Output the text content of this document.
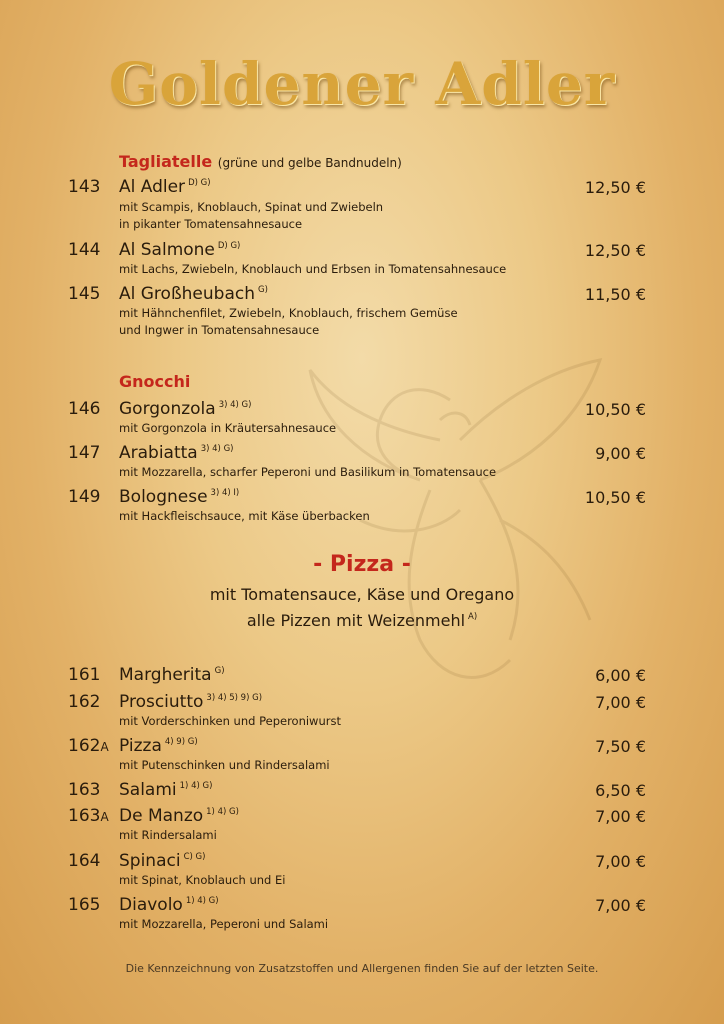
Goldener Adler
Tagliatelle (grüne und gelbe Bandnudeln)
143 Al Adler $^{D) G)}$	12,50 €
mit Scampis, Knoblauch, Spinat und Zwiebeln
in pikanter Tomatensahnesauce
144 Al Salmone $^{D) G)}$	12,50 €
mit Lachs, Zwiebeln, Knoblauch und Erbsen in Tomatensahnesauce
145 Al Großheubach $^{G)}$	11,50 €
mit Hähnchenfilet, Zwiebeln, Knoblauch, frischem Gemüse
und Ingwer in Tomatensahnesauce
Gnocchi
146 Gorgonzola $^{3) 4) G)}$	10,50 €
mit Gorgonzola in Kräutersahnesauce
147 Arabiatta $^{3) 4) G)}$	9,00 €
mit Mozzarella, scharfer Peperoni und Basilikum in Tomatensauce
149 Bolognese $^{3) 4) I)}$	10,50 €
mit Hackfleischsauce, mit Käse überbacken
- Pizza -
mit Tomatensauce, Käse und Oregano
alle Pizzen mit Weizenmehl $^{A)}$
161 Margherita $^{G)}$	6,00 €
162 Prosciutto $^{3) 4) 5) 9) G)}$	7,00 €
mit Vorderschinken und Peperoniwurst
162A Pizza $^{4) 9) G)}$	7,50 €
mit Putenschinken und Rindersalami
163 Salami $^{1) 4) G)}$	6,50 €
163A De Manzo $^{1) 4) G)}$	7,00 €
mit Rindersalami
164 Spinaci $^{C) G)}$	7,00 €
mit Spinat, Knoblauch und Ei
165 Diavolo $^{1) 4) G)}$	7,00 €
mit Mozzarella, Peperoni und Salami
Die Kennzeichnung von Zusatzstoffen und Allergenen finden Sie auf der letzten Seite.
